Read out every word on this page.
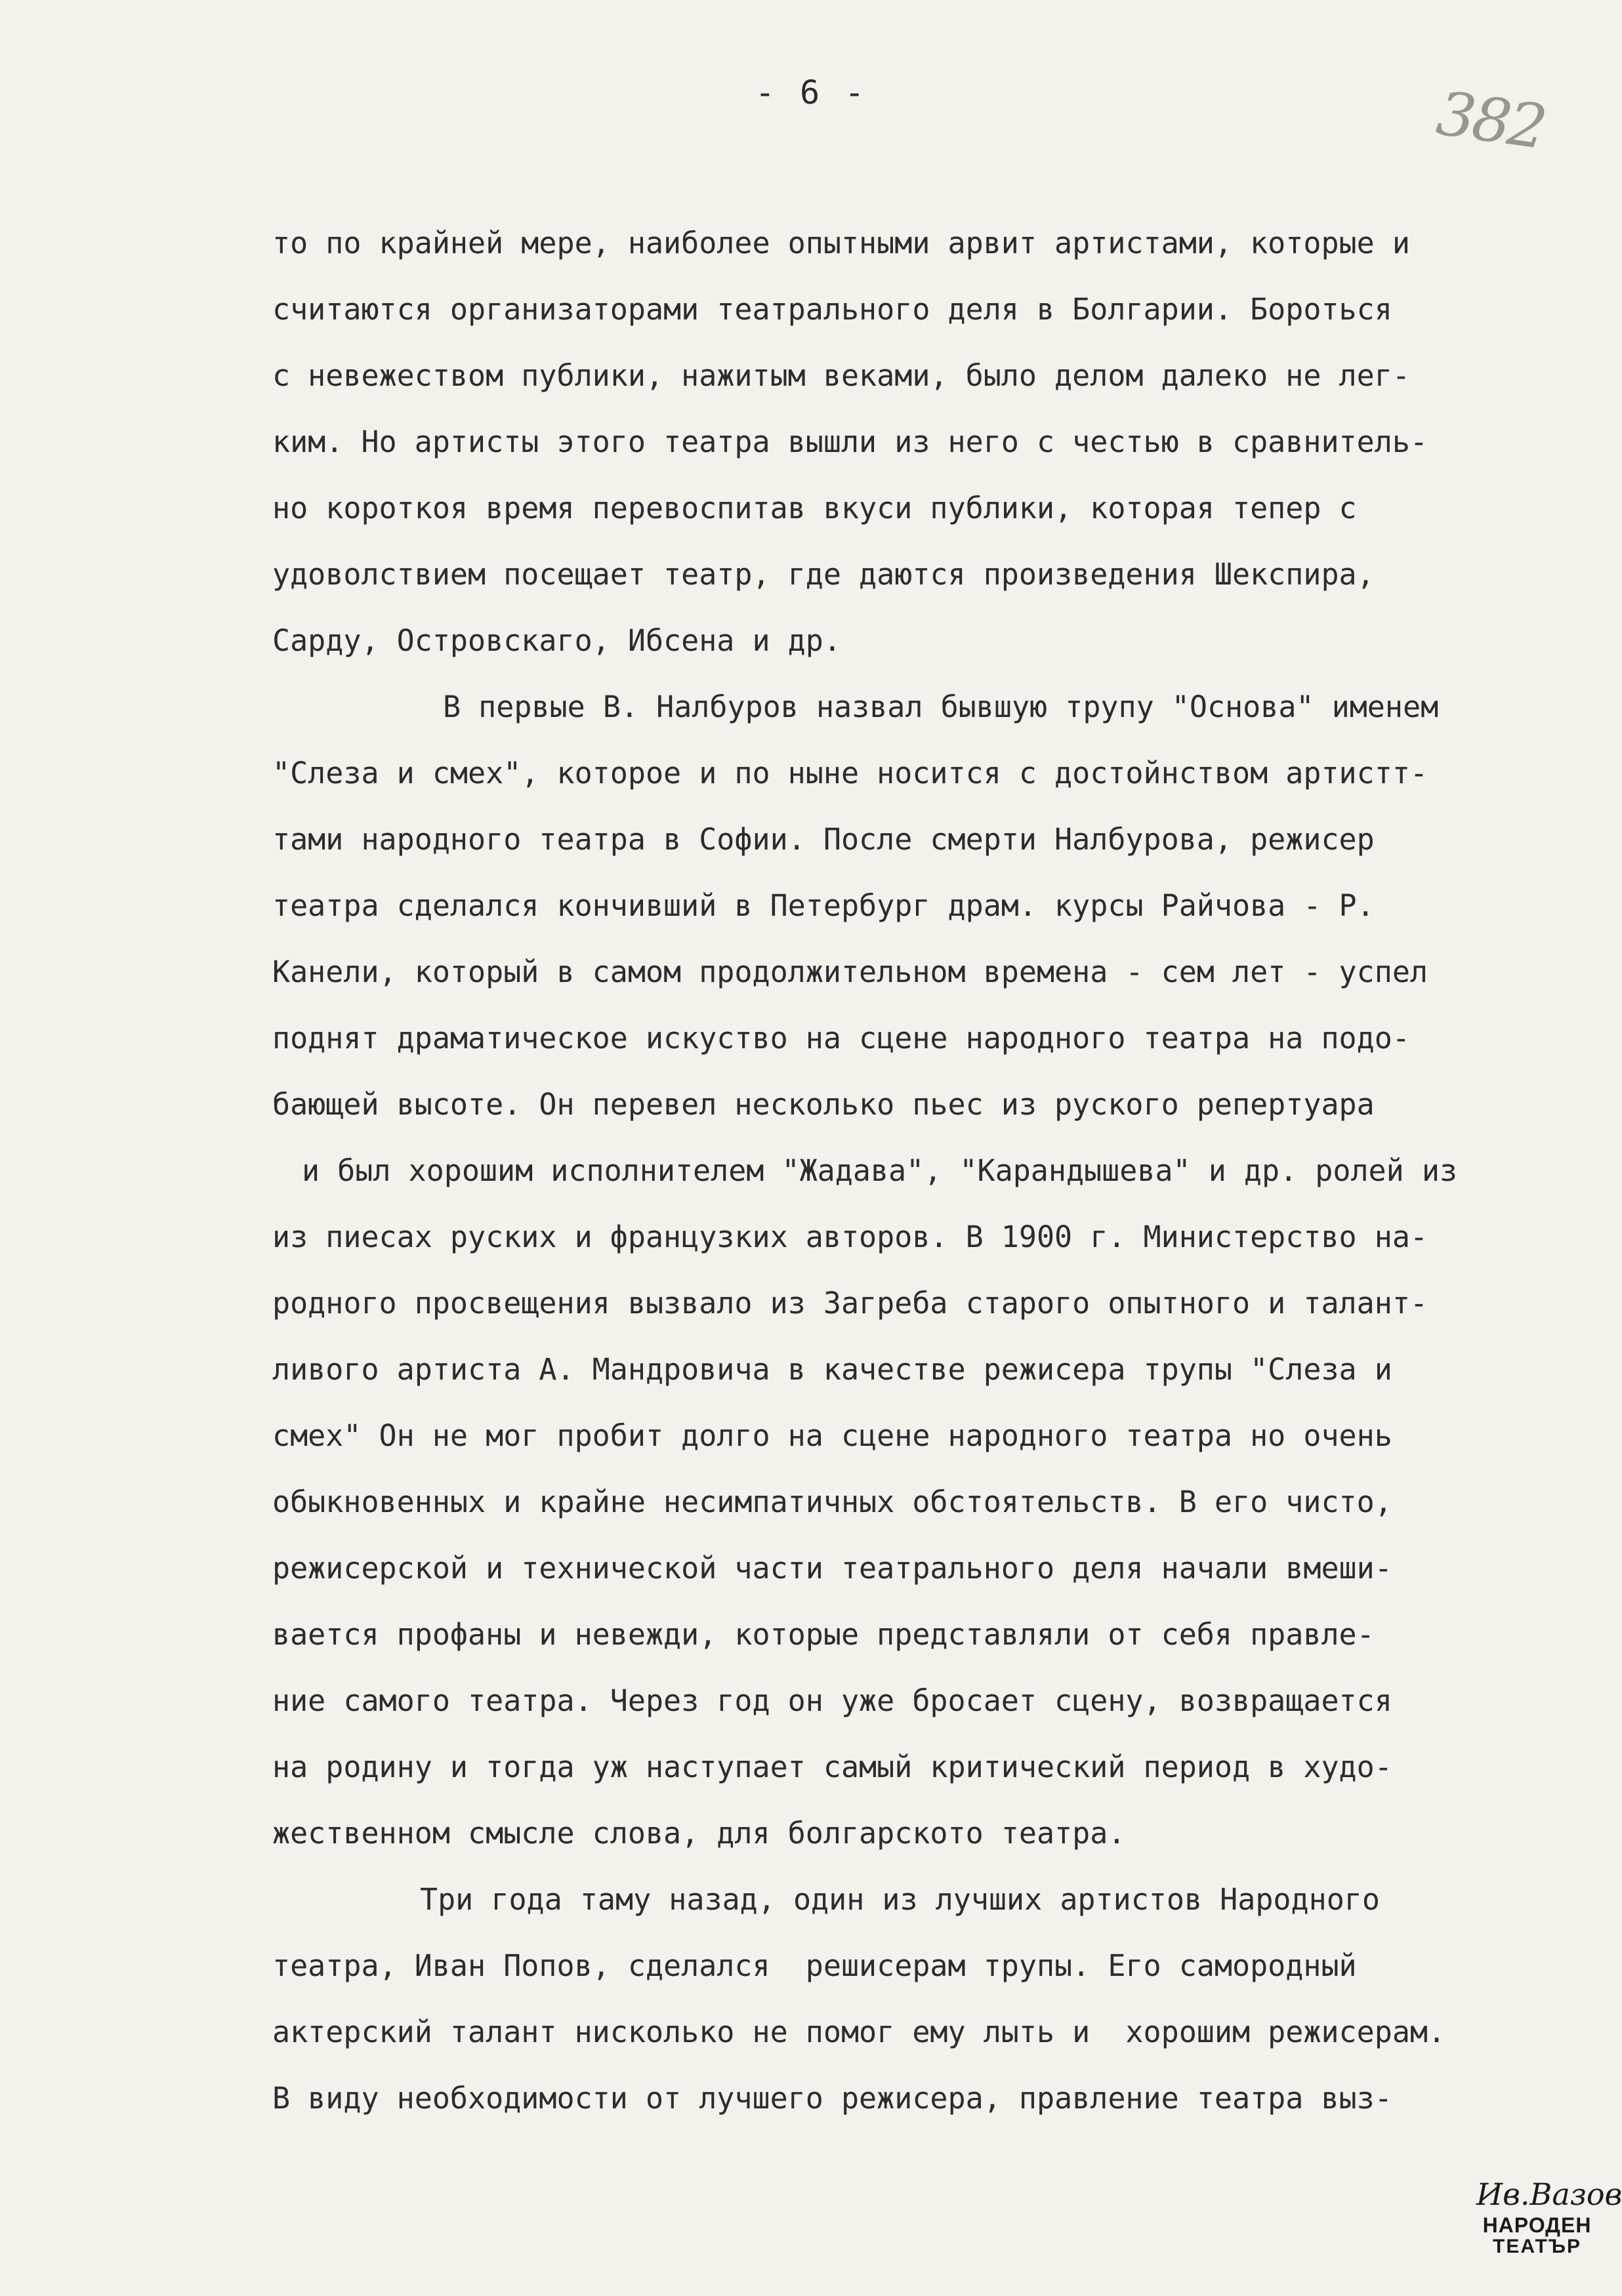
- 6 -	382
то по крайней мере, наиболее опытными арвит артистами, которые и
считаются организаторами театрального деля в Болгарии. Бороться
с невежеством публики, нажитым веками, было делом далеко не лег-
ким. Но артисты этого театра вышли из него с честью в сравнитель-
но короткоя время перевоспитав вкуси публики, которая тепер с
удоволствием посещает театр, где даются произведения Шекспира,
Сарду, Островскаго, Ибсена и др.
В первые В. Налбуров назвал бывшую трупу "Основа" именем
"Слеза и смех", которое и по ныне носится с достойнством артистт-
тами народного театра в Софии. После смерти Налбурова, режисер
театра сделался кончивший в Петербург драм. курсы Райчова - Р.
Канели, который в самом продолжительном времена - сем лет - успел
поднят драматическое искуство на сцене народного театра на подо-
бающей высоте. Он перевел несколько пьес из руского репертуара
и был хорошим исполнителем "Жадава", "Карандышева" и др. ролей из
из пиесах руских и французких авторов. В 1900 г. Министерство на-
родного просвещения вызвало из Загреба старого опытного и талант-
ливого артиста А. Мандровича в качестве режисера трупы "Слеза и
смех" Он не мог пробит долго на сцене народного театра но очень
обыкновенных и крайне несимпатичных обстоятельств. В его чисто,
режисерской и технической части театрального деля начали вмеши-
вается профаны и невежди, которые представляли от себя правле-
ние самого театра. Через год он уже бросает сцену, возвращается
на родину и тогда уж наступает самый критический период в худо-
жественном смысле слова, для болгарскoто театра.
Три года таму назад, один из лучших артистов Народного
театра, Иван Попов, сделался  решисерам трупы. Его самородный
актерский талант нисколько не помог ему лыть и  хорошим режисерам.
В виду необходимости от лучшего режисера, правление театра выз-
Ив.Вазов
НАРОДЕН
ТЕАТЪР
